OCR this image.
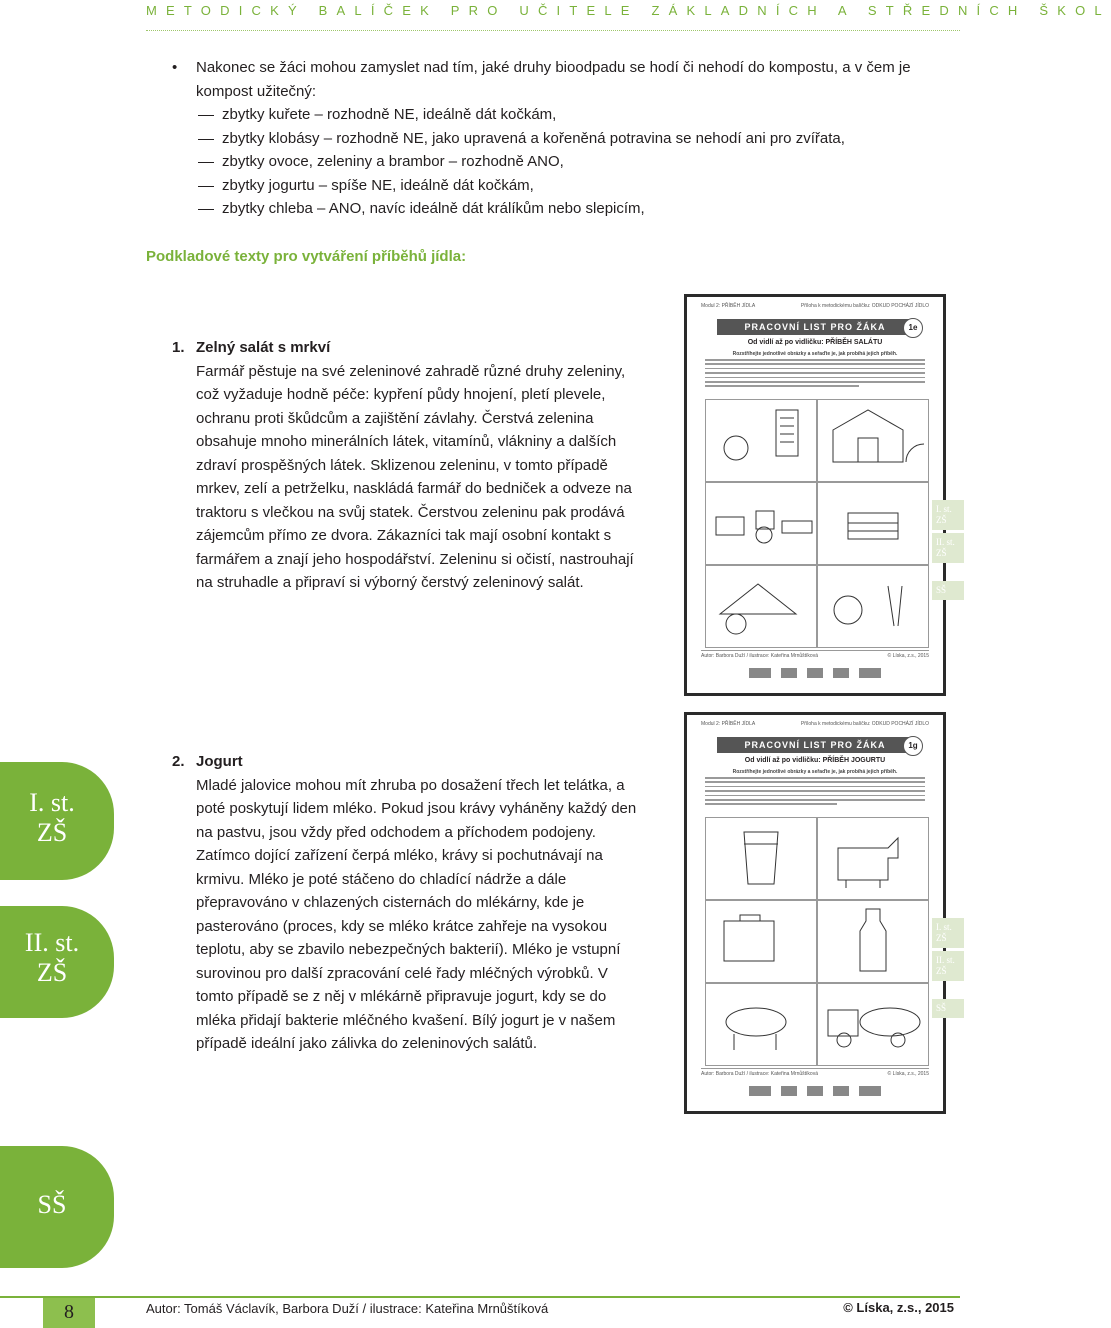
METODICKÝ BALÍČEK PRO UČITELE ZÁKLADNÍCH A STŘEDNÍCH ŠKOL
• Nakonec se žáci mohou zamyslet nad tím, jaké druhy bioodpadu se hodí či nehodí do kompostu, a v čem je kompost užitečný:
zbytky kuřete – rozhodně NE, ideálně dát kočkám,
zbytky klobásy – rozhodně NE, jako upravená a kořeněná potravina se nehodí ani pro zvířata,
zbytky ovoce, zeleniny a brambor – rozhodně ANO,
zbytky jogurtu – spíše NE, ideálně dát kočkám,
zbytky chleba – ANO, navíc ideálně dát králíkům nebo slepicím,
Podkladové texty pro vytváření příběhů jídla:
1. Zelný salát s mrkví
Farmář pěstuje na své zeleninové zahradě různé druhy zeleniny, což vyžaduje hodně péče: kypření půdy hnojení, pletí plevele, ochranu proti škůdcům a zajištění závlahy. Čerstvá zelenina obsahuje mnoho minerálních látek, vitamínů, vlákniny a dalších zdraví prospěšných látek. Sklizenou zeleninu, v tomto případě mrkev, zelí a petrželku, naskládá farmář do bedniček a odveze na traktoru s vlečkou na svůj statek. Čerstvou zeleninu pak prodává zájemcům přímo ze dvora. Zákazníci tak mají osobní kontakt s farmářem a znají jeho hospodářství. Zeleninu si očistí, nastrouhají na struhadle a připraví si výborný čerstvý zeleninový salát.
2. Jogurt
Mladé jalovice mohou mít zhruba po dosažení třech let telátka, a poté poskytují lidem mléko. Pokud jsou krávy vyháněny každý den na pastvu, jsou vždy před odchodem a příchodem podojeny. Zatímco dojící zařízení čerpá mléko, krávy si pochutnávají na krmivu. Mléko je poté stáčeno do chladící nádrže a dále přepravováno v chlazených cisternách do mlékárny, kde je pasterováno (proces, kdy se mléko krátce zahřeje na vysokou teplotu, aby se zbavilo nebezpečných bakterií). Mléko je vstupní surovinou pro další zpracování celé řady mléčných výrobků. V tomto případě se z něj v mlékárně připravuje jogurt, kdy se do mléka přidají bakterie mléčného kvašení. Bílý jogurt je v našem případě ideální jako zálivka do zeleninových salátů.
Modul 2: PŘÍBĚH JÍDLA	Příloha k metodickému balíčku: ODKUD POCHÁZÍ JÍDLO
PRACOVNÍ LIST PRO ŽÁKA	1e
Od vidlí až po vidličku: PŘÍBĚH SALÁTU
Rozstříhejte jednotlivé obrázky a seřaďte je, jak probíhá jejich příběh.
Autor: Barbora Duží / ilustrace: Kateřina Mrnůštíková	© Líska, z.s., 2015
Modul 2: PŘÍBĚH JÍDLA	Příloha k metodickému balíčku: ODKUD POCHÁZÍ JÍDLO
PRACOVNÍ LIST PRO ŽÁKA	1g
Od vidlí až po vidličku: PŘÍBĚH JOGURTU
Rozstříhejte jednotlivé obrázky a seřaďte je, jak probíhá jejich příběh.
Autor: Barbora Duží / ilustrace: Kateřina Mrnůštíková	© Líska, z.s., 2015
I. st.
ZŠ
II. st.
ZŠ
SŠ
I. st.
ZŠ
II. st.
ZŠ
SŠ
I. st.
ZŠ
II. st.
ZŠ
SŠ
8	Autor: Tomáš Václavík, Barbora Duží / ilustrace: Kateřina Mrnůštíková	© Líska, z.s., 2015
